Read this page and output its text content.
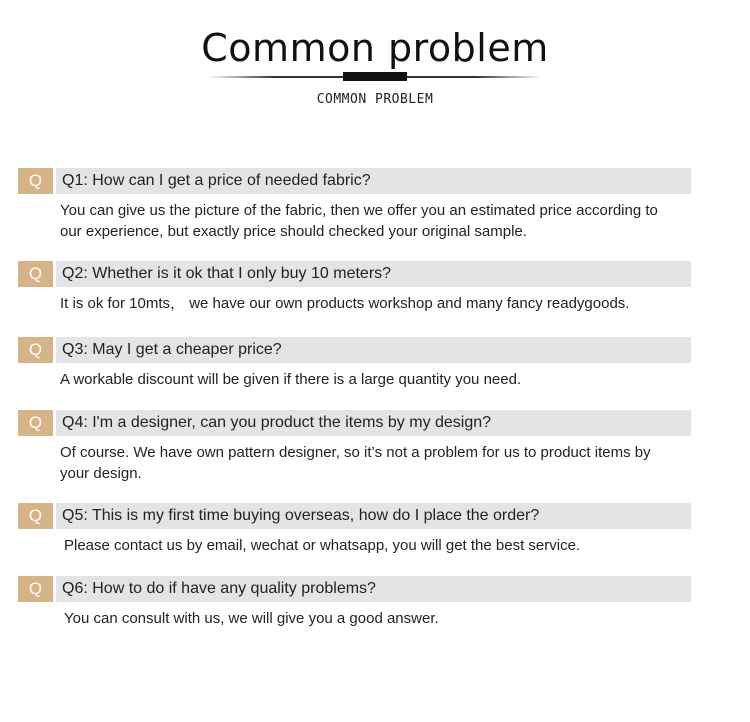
Common problem
COMMON PROBLEM
Q	Q1: How can I get a price of needed fabric?
You can give us the picture of the fabric, then we offer you an estimated price according to our experience, but exactly price should checked your original sample.
Q	Q2: Whether is it ok that I only buy 10 meters?
It is ok for 10mts， we have our own products workshop and many fancy readygoods.
Q	Q3: May I get a cheaper price?
A workable discount will be given if there is a large quantity you need.
Q	Q4: I'm a designer, can you product the items by my design?
Of course. We have own pattern designer, so it’s not a problem for us to product items by your design.
Q	Q5: This is my first time buying overseas, how do I place the order?
Please contact us by email, wechat or whatsapp, you will get the best service.
Q	Q6: How to do if have any quality problems?
You can consult with us, we will give you a good answer.
